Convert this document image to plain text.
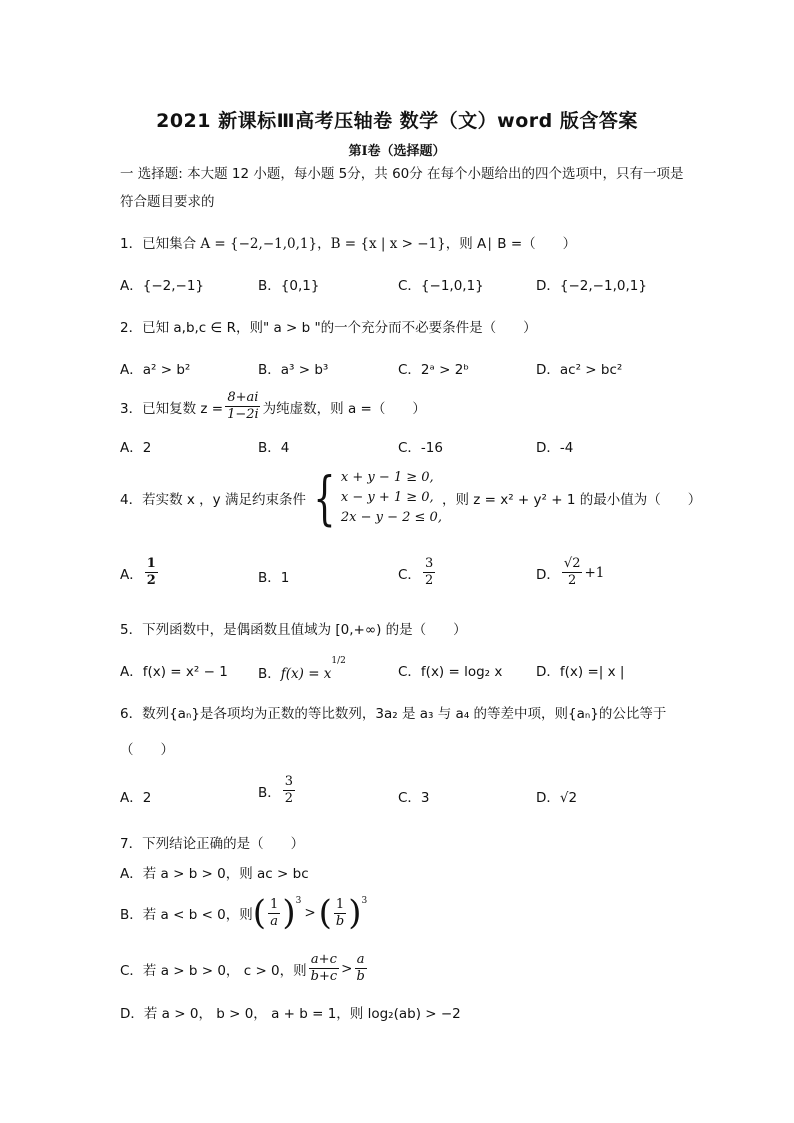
2021 新课标Ⅲ高考压轴卷 数学（文）word 版含答案
第Ⅰ卷（选择题）
一 选择题: 本大题 12 小题，每小题 5分，共 60分 在每个小题给出的四个选项中，只有一项是符合题目要求的
1．已知集合 A = {−2,−1,0,1}，B = {x | x > −1}，则 A∣ B =（　　）
A．{−2,−1}	B．{0,1}	C．{−1,0,1}	D．{−2,−1,0,1}
2．已知 a,b,c ∈ R，则" a > b "的一个充分而不必要条件是（　　）
A．a² > b²	B．a³ > b³	C．2ᵃ > 2ᵇ	D．ac² > bc²
3．已知复数 $z = \frac{8+ai}{1-2i}$ 为纯虚数，则 a =（　　）
A．2	B．4	C．-16	D．-4
4．若实数 x ，y 满足约束条件 { x + y − 1 ≥ 0,
x − y + 1 ≥ 0,
2x − y − 2 ≤ 0,
，则 z = x² + y² + 1 的最小值为（　　）
A． $\frac{1}{2}$	B．1	C． $\frac{3}{2}$	D． $\frac{√2}{2} +1$
5．下列函数中，是偶函数且值域为 [0,+∞) 的是（　　）
A．f(x) = x² − 1 B． f(x) = x
1/2
C．f(x) = log₂ x D．f(x) =| x |
6．数列{aₙ}是各项均为正数的等比数列，3a₂ 是 a₃ 与 a₄ 的等差中项，则{aₙ}的公比等于
（　　）
A．2	B． $\frac{3}{2}$	C．3	D．√2
7．下列结论正确的是（　　）
A．若 a > b > 0，则 ac > bc
B．若 a < b < 0，则 ( $\frac{1}{a} )^3$
> ( $\frac{1}{b} )^3$
C．若 a > b > 0， c > 0，则 $\frac{a+c}{b+c} > \frac{a}{b}$
D．若 a > 0， b > 0， a + b = 1，则 log₂(ab) > −2
